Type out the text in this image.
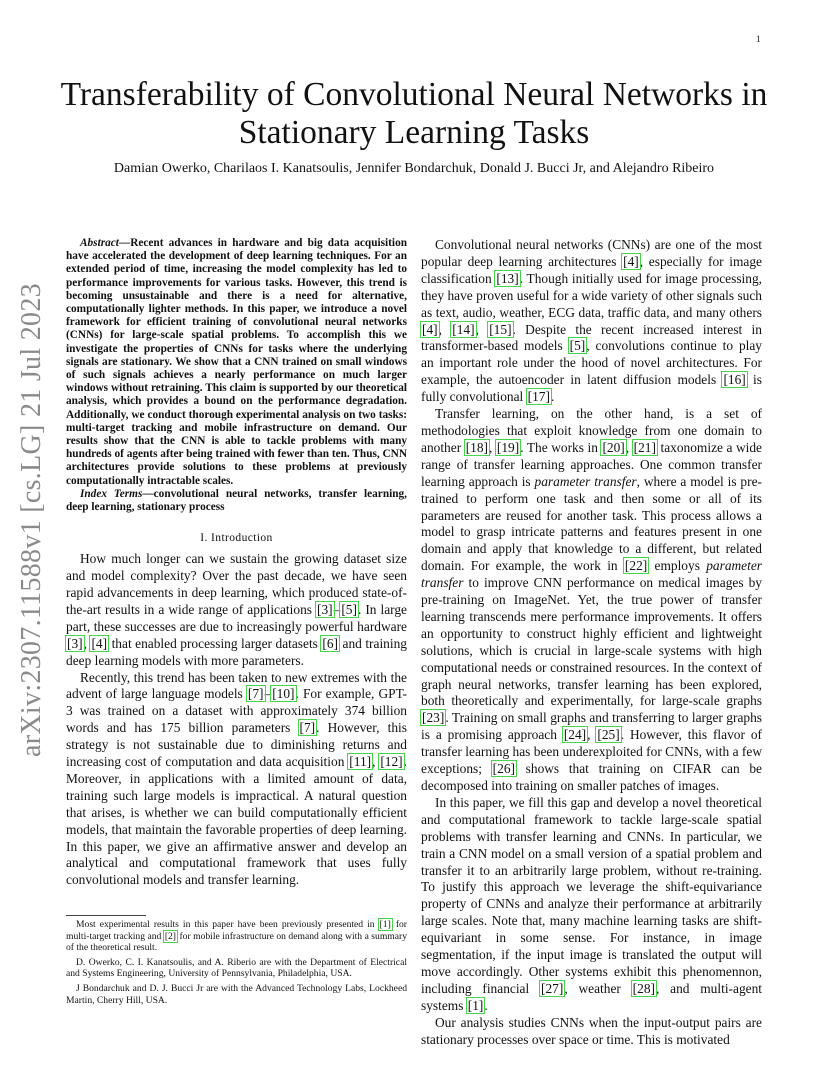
1
arXiv:2307.11588v1 [cs.LG] 21 Jul 2023
Transferability of Convolutional Neural Networks in Stationary Learning Tasks
Damian Owerko, Charilaos I. Kanatsoulis, Jennifer Bondarchuk, Donald J. Bucci Jr, and Alejandro Ribeiro

Abstract—Recent advances in hardware and big data acquisition have accelerated the development of deep learning techniques. For an extended period of time, increasing the model complexity has led to performance improvements for various tasks. However, this trend is becoming unsustainable and there is a need for alternative, computationally lighter methods. In this paper, we introduce a novel framework for efficient training of convolutional neural networks (CNNs) for large-scale spatial problems. To accomplish this we investigate the properties of CNNs for tasks where the underlying signals are stationary. We show that a CNN trained on small windows of such signals achieves a nearly performance on much larger windows without retraining. This claim is supported by our theoretical analysis, which provides a bound on the performance degradation. Additionally, we conduct thorough experimental analysis on two tasks: multi-target tracking and mobile infrastructure on demand. Our results show that the CNN is able to tackle problems with many hundreds of agents after being trained with fewer than ten. Thus, CNN architectures provide solutions to these problems at previously computationally intractable scales.

Index Terms—convolutional neural networks, transfer learning, deep learning, stationary process

I. Introduction

How much longer can we sustain the growing dataset size and model complexity? Over the past decade, we have seen rapid advancements in deep learning, which produced state-of-the-art results in a wide range of applications [3]–[5]. In large part, these successes are due to increasingly powerful hardware [3], [4] that enabled processing larger datasets [6] and training deep learning models with more parameters.

Recently, this trend has been taken to new extremes with the advent of large language models [7]–[10]. For example, GPT-3 was trained on a dataset with approximately 374 billion words and has 175 billion parameters [7]. However, this strategy is not sustainable due to diminishing returns and increasing cost of computation and data acquisition [11], [12]. Moreover, in applications with a limited amount of data, training such large models is impractical. A natural question that arises, is whether we can build computationally efficient models, that maintain the favorable properties of deep learning. In this paper, we give an affirmative answer and develop an analytical and computational framework that uses fully convolutional models and transfer learning.

Convolutional neural networks (CNNs) are one of the most popular deep learning architectures [4], especially for image classification [13]. Though initially used for image processing, they have proven useful for a wide variety of other signals such as text, audio, weather, ECG data, traffic data, and many others [4], [14], [15]. Despite the recent increased interest in transformer-based models [5], convolutions continue to play an important role under the hood of novel architectures. For example, the autoencoder in latent diffusion models [16] is fully convolutional [17].

Transfer learning, on the other hand, is a set of methodologies that exploit knowledge from one domain to another [18], [19]. The works in [20], [21] taxonomize a wide range of transfer learning approaches. One common transfer learning approach is parameter transfer, where a model is pre-trained to perform one task and then some or all of its parameters are reused for another task. This process allows a model to grasp intricate patterns and features present in one domain and apply that knowledge to a different, but related domain. For example, the work in [22] employs parameter transfer to improve CNN performance on medical images by pre-training on ImageNet. Yet, the true power of transfer learning transcends mere performance improvements. It offers an opportunity to construct highly efficient and lightweight solutions, which is crucial in large-scale systems with high computational needs or constrained resources. In the context of graph neural networks, transfer learning has been explored, both theoretically and experimentally, for large-scale graphs [23]. Training on small graphs and transferring to larger graphs is a promising approach [24], [25]. However, this flavor of transfer learning has been underexploited for CNNs, with a few exceptions; [26] shows that training on CIFAR can be decomposed into training on smaller patches of images.

In this paper, we fill this gap and develop a novel theoretical and computational framework to tackle large-scale spatial problems with transfer learning and CNNs. In particular, we train a CNN model on a small version of a spatial problem and transfer it to an arbitrarily large problem, without re-training. To justify this approach we leverage the shift-equivariance property of CNNs and analyze their performance at arbitrarily large scales. Note that, many machine learning tasks are shift-equivariant in some sense. For instance, in image segmentation, if the input image is translated the output will move accordingly. Other systems exhibit this phenomennon, including financial [27], weather [28], and multi-agent systems [1].

Our analysis studies CNNs when the input-output pairs are stationary processes over space or time. This is motivated

Most experimental results in this paper have been previously presented in [1] for multi-target tracking and [2] for mobile infrastructure on demand along with a summary of the theoretical result.

D. Owerko, C. I. Kanatsoulis, and A. Riberio are with the Department of Electrical and Systems Engineering, University of Pennsylvania, Philadelphia, USA.

J Bondarchuk and D. J. Bucci Jr are with the Advanced Technology Labs, Lockheed Martin, Cherry Hill, USA.
